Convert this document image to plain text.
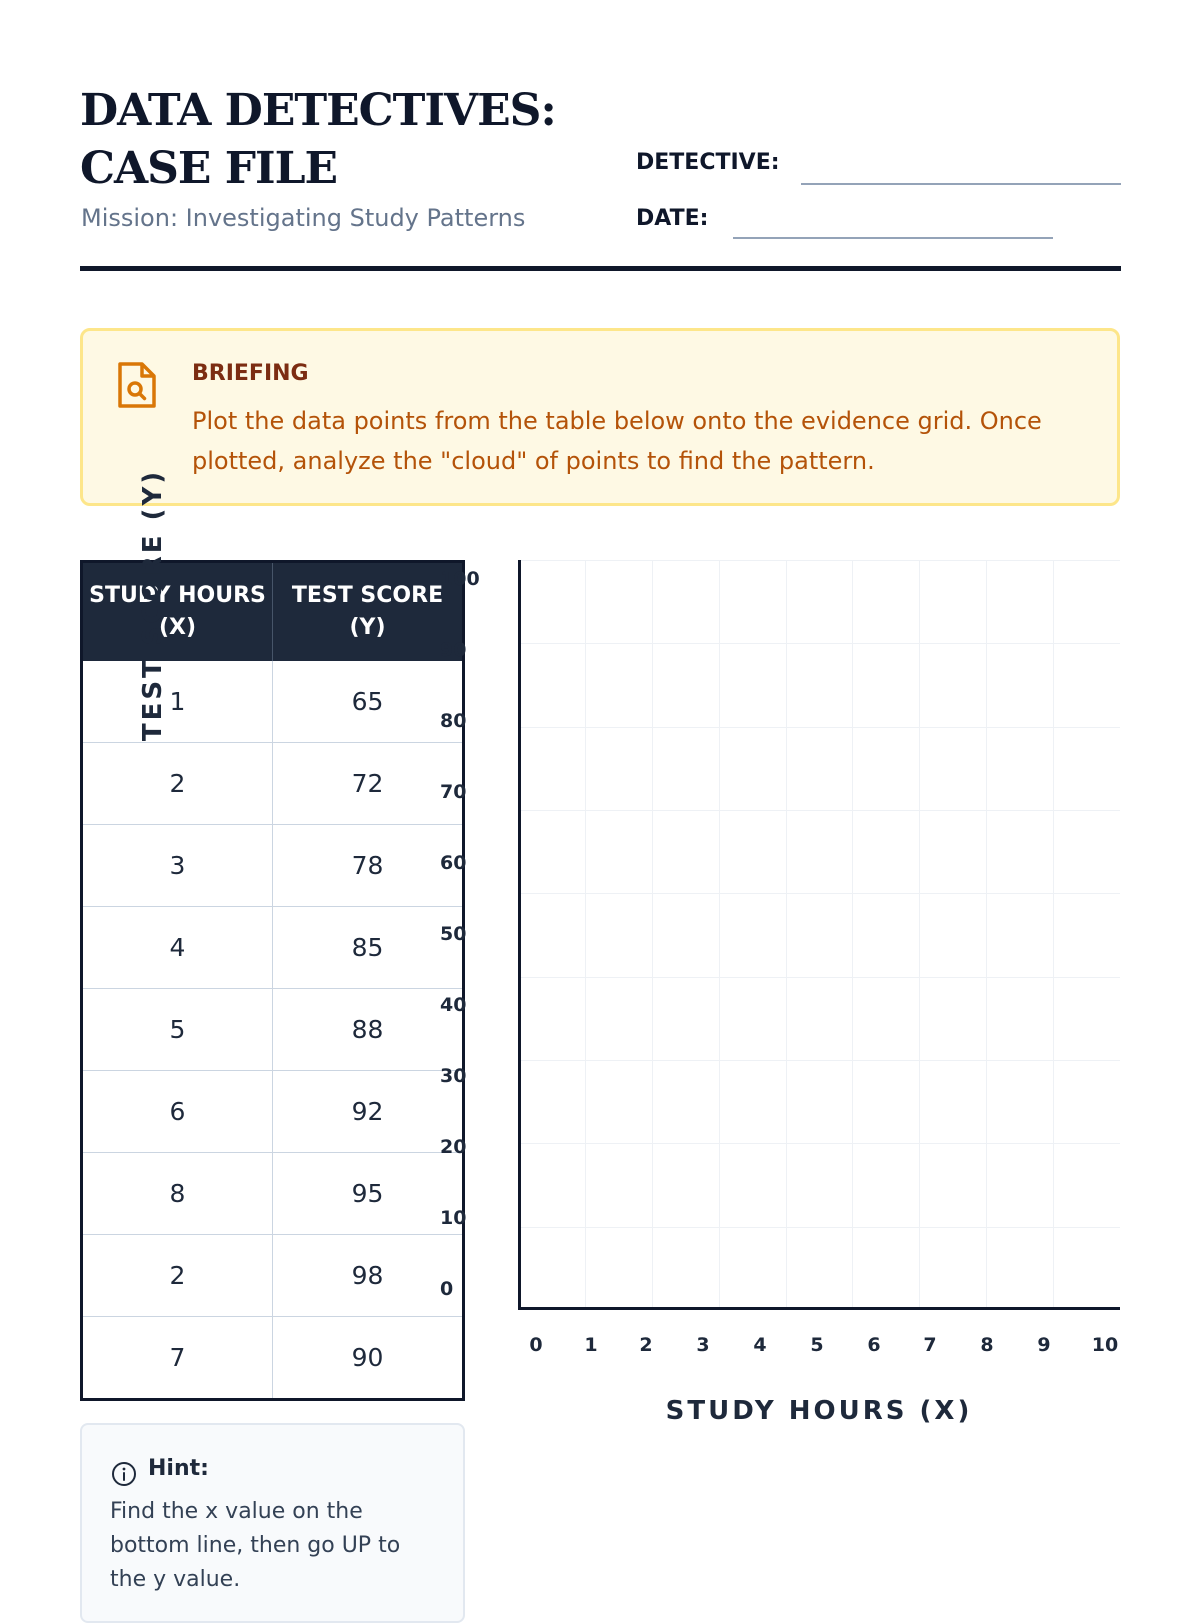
DATA DETECTIVES: CASE FILE

Mission: Investigating Study Patterns

DETECTIVE:
DATE:
BRIEFING

Plot the data points from the table below onto the evidence grid. Once plotted, analyze the "cloud" of points to find the pattern.

STUDY HOURS (X)	TEST SCORE (Y)
1	65
2	72
3	78
4	85
5	88
6	92
8	95
2	98
7	90
TEST SCORE (Y)	100
90
80
70
60
50
40
30
20
10
0
0	1	2	3	4	5	6	7	8	9	10
STUDY HOURS (X)
Hint:

Find the x value on the bottom line, then go UP to the y value.
